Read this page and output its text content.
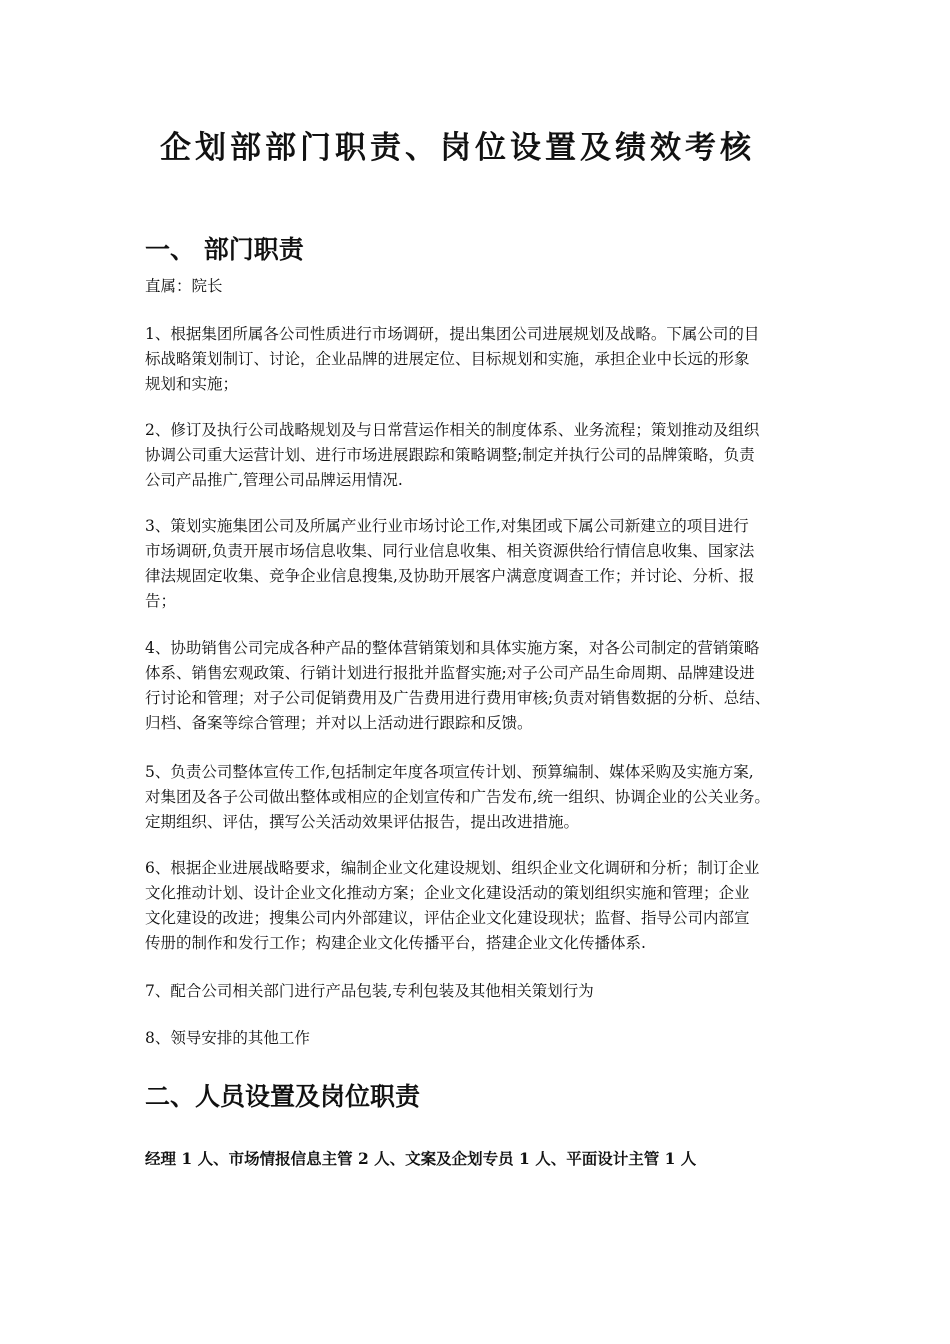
企划部部门职责、岗位设置及绩效考核
一、 部门职责

直属：院长

1、根据集团所属各公司性质进行市场调研，提出集团公司进展规划及战略。下属公司的目
标战略策划制订、讨论，企业品牌的进展定位、目标规划和实施，承担企业中长远的形象
规划和实施；

2、修订及执行公司战略规划及与日常营运作相关的制度体系、业务流程；策划推动及组织
协调公司重大运营计划、进行市场进展跟踪和策略调整;制定并执行公司的品牌策略，负责
公司产品推广,管理公司品牌运用情况.

3、策划实施集团公司及所属产业行业市场讨论工作,对集团或下属公司新建立的项目进行
市场调研,负责开展市场信息收集、同行业信息收集、相关资源供给行情信息收集、国家法
律法规固定收集、竞争企业信息搜集,及协助开展客户满意度调查工作；并讨论、分析、报
告；

4、协助销售公司完成各种产品的整体营销策划和具体实施方案，对各公司制定的营销策略
体系、销售宏观政策、行销计划进行报批并监督实施;对子公司产品生命周期、品牌建设进
行讨论和管理；对子公司促销费用及广告费用进行费用审核;负责对销售数据的分析、总结、
归档、备案等综合管理；并对以上活动进行跟踪和反馈。

5、负责公司整体宣传工作,包括制定年度各项宣传计划、预算编制、媒体采购及实施方案,
对集团及各子公司做出整体或相应的企划宣传和广告发布,统一组织、协调企业的公关业务。
定期组织、评估，撰写公关活动效果评估报告，提出改进措施。

6、根据企业进展战略要求，编制企业文化建设规划、组织企业文化调研和分析；制订企业
文化推动计划、设计企业文化推动方案；企业文化建设活动的策划组织实施和管理；企业
文化建设的改进；搜集公司内外部建议，评估企业文化建设现状；监督、指导公司内部宣
传册的制作和发行工作；构建企业文化传播平台，搭建企业文化传播体系.

7、配合公司相关部门进行产品包装,专利包装及其他相关策划行为

8、领导安排的其他工作

二、人员设置及岗位职责

经理 1 人、市场情报信息主管 2 人、文案及企划专员 1 人、平面设计主管 1 人
